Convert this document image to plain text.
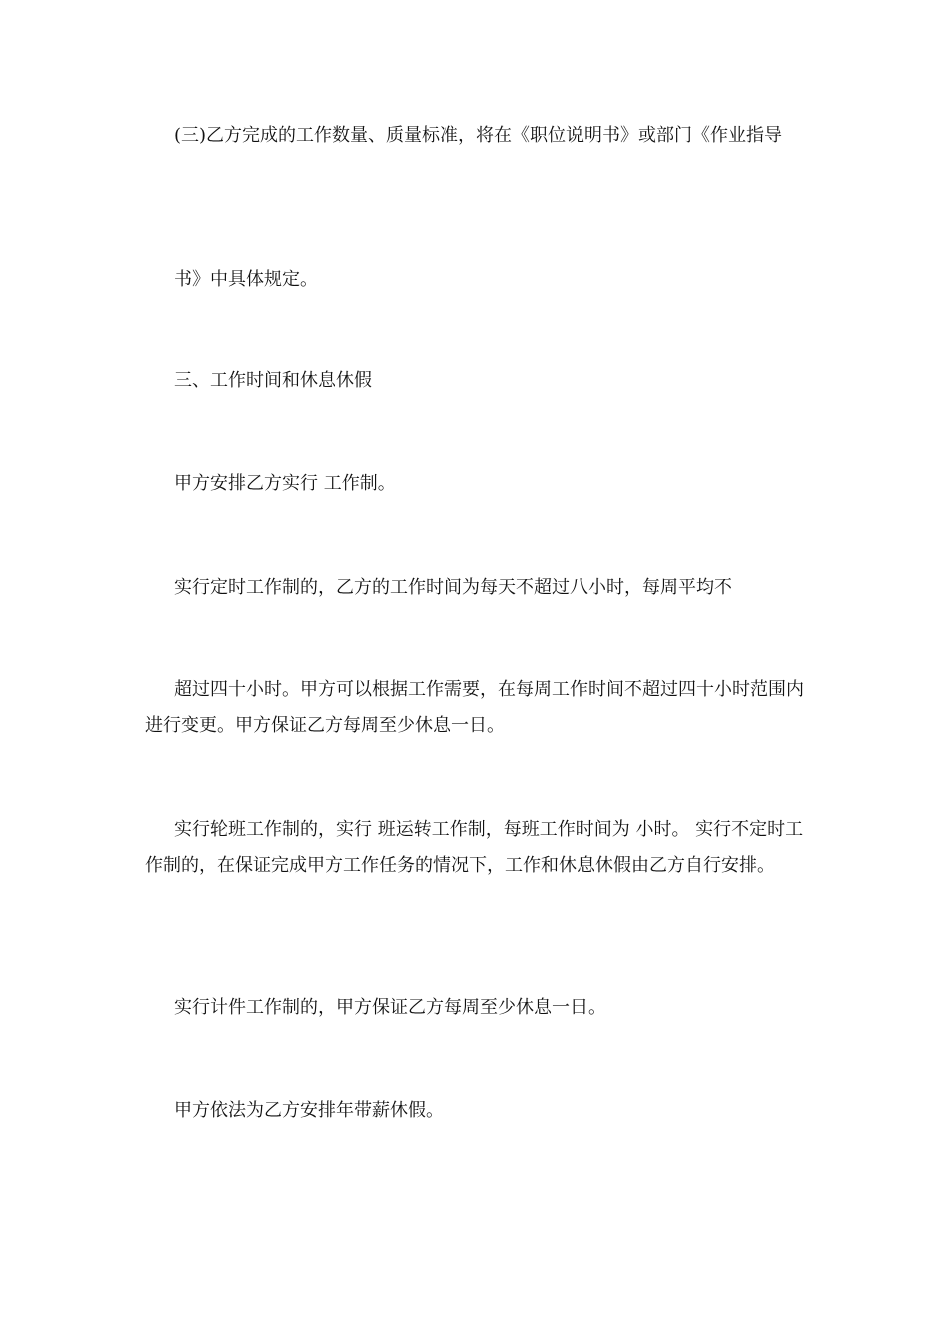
(三)乙方完成的工作数量、质量标准，将在《职位说明书》或部门《作业指导

书》中具体规定。

三、工作时间和休息休假

甲方安排乙方实行 工作制。

实行定时工作制的，乙方的工作时间为每天不超过八小时，每周平均不

超过四十小时。甲方可以根据工作需要，在每周工作时间不超过四十小时范围内进行变更。甲方保证乙方每周至少休息一日。

实行轮班工作制的，实行 班运转工作制，每班工作时间为 小时。 实行不定时工作制的，在保证完成甲方工作任务的情况下，工作和休息休假由乙方自行安排。

实行计件工作制的，甲方保证乙方每周至少休息一日。

甲方依法为乙方安排年带薪休假。
